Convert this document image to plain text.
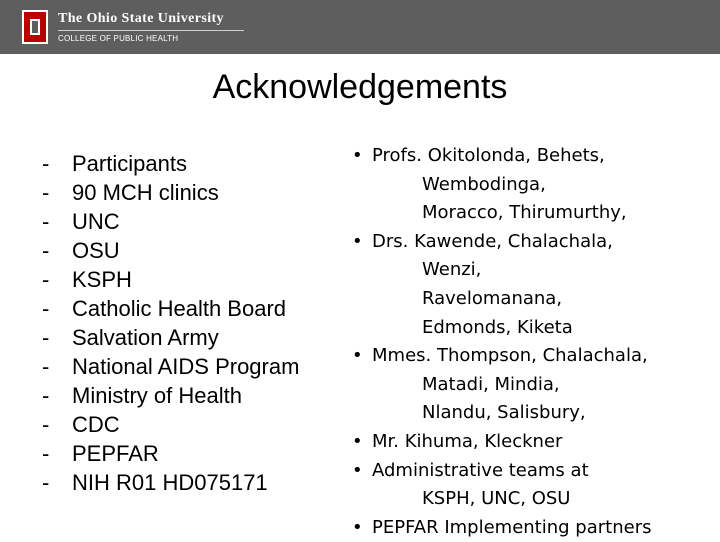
The Ohio State University
COLLEGE OF PUBLIC HEALTH
Acknowledgements
- Participants
- 90 MCH clinics
- UNC
- OSU
- KSPH
- Catholic Health Board
- Salvation Army
- National AIDS Program
- Ministry of Health
- CDC
- PEPFAR
- NIH R01 HD075171
• Profs. Okitolonda, Behets,
Wembodinga,
Moracco, Thirumurthy,
• Drs. Kawende, Chalachala,
Wenzi,
Ravelomanana,
Edmonds, Kiketa
• Mmes. Thompson, Chalachala,
Matadi, Mindia,
Nlandu, Salisbury,
• Mr. Kihuma, Kleckner
• Administrative teams at
KSPH, UNC, OSU
• PEPFAR Implementing partners
